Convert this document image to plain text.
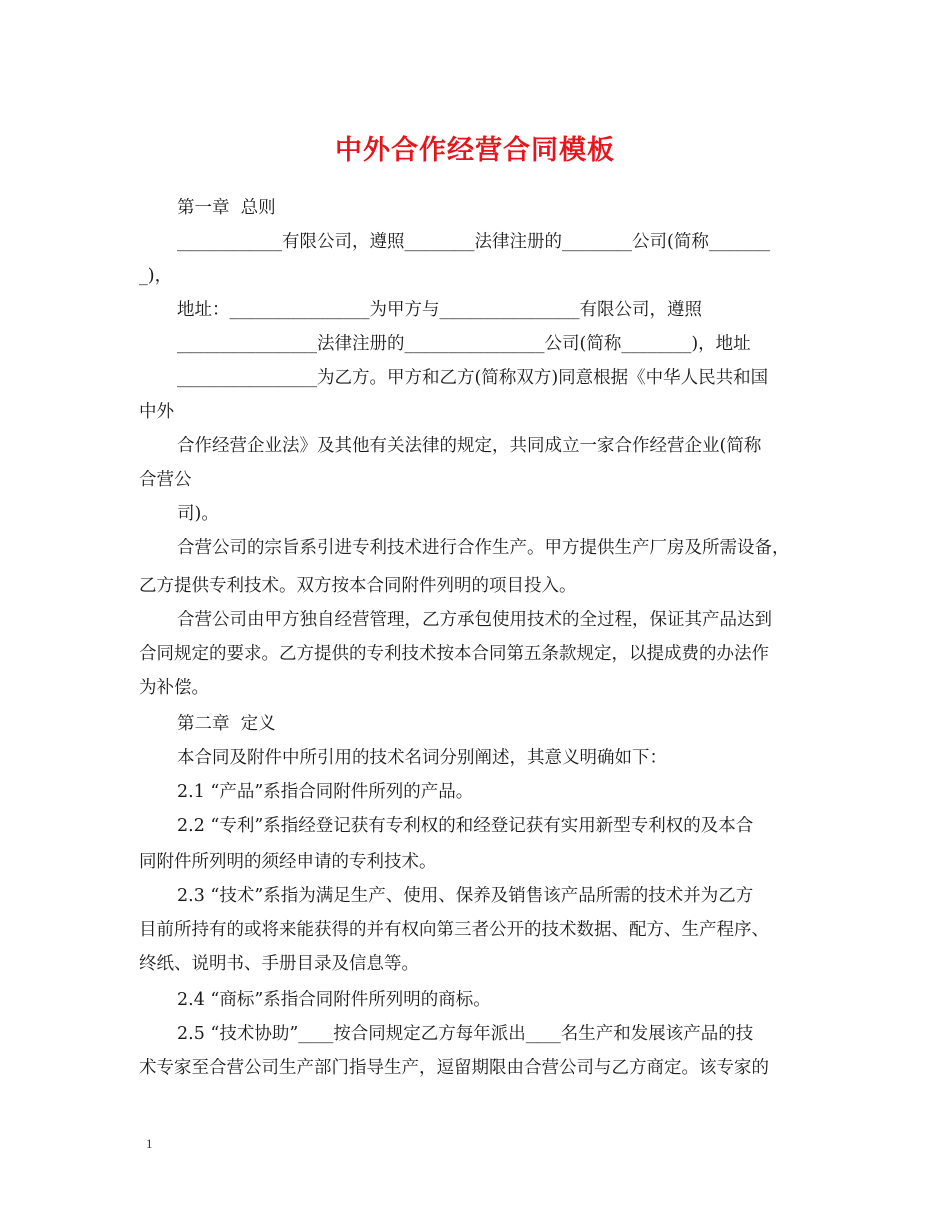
中外合作经营合同模板
第一章  总则
____________有限公司，遵照________法律注册的________公司(简称_______
_)，
地址：________________为甲方与________________有限公司，遵照
________________法律注册的________________公司(简称________)，地址
________________为乙方。甲方和乙方(简称双方)同意根据《中华人民共和国
中外
合作经营企业法》及其他有关法律的规定，共同成立一家合作经营企业(简称
合营公
司)。
合营公司的宗旨系引进专利技术进行合作生产。甲方提供生产厂房及所需设备，
乙方提供专利技术。双方按本合同附件列明的项目投入。
合营公司由甲方独自经营管理，乙方承包使用技术的全过程，保证其产品达到
合同规定的要求。乙方提供的专利技术按本合同第五条款规定，以提成费的办法作
为补偿。
第二章  定义
本合同及附件中所引用的技术名词分别阐述，其意义明确如下：
2.1 “产品”系指合同附件所列的产品。
2.2 “专利”系指经登记获有专利权的和经登记获有实用新型专利权的及本合
同附件所列明的须经申请的专利技术。
2.3 “技术”系指为满足生产、使用、保养及销售该产品所需的技术并为乙方
目前所持有的或将来能获得的并有权向第三者公开的技术数据、配方、生产程序、
终纸、说明书、手册目录及信息等。
2.4 “商标”系指合同附件所列明的商标。
2.5 “技术协助”____按合同规定乙方每年派出____名生产和发展该产品的技
术专家至合营公司生产部门指导生产，逗留期限由合营公司与乙方商定。该专家的
1
